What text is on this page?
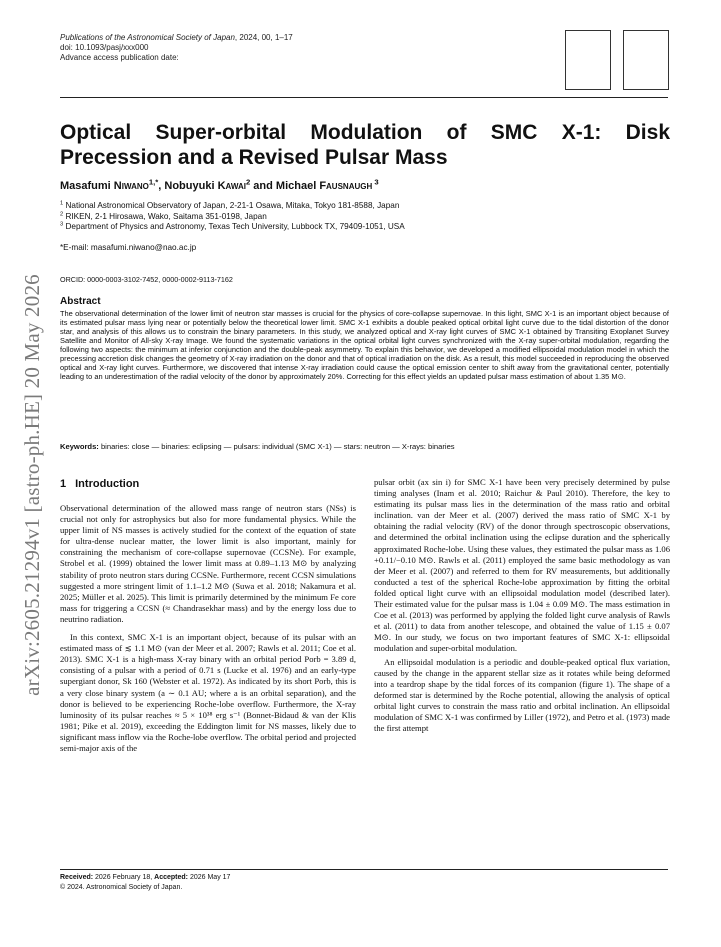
Publications of the Astronomical Society of Japan, 2024, 00, 1–17
doi: 10.1093/pasj/xxx000
Advance access publication date:
arXiv:2605.21294v1 [astro-ph.HE] 20 May 2026
Optical Super-orbital Modulation of SMC X-1: Disk
Precession and a Revised Pulsar Mass
Masafumi Niwano$^{1,*}$, Nobuyuki Kawai$^2$ and Michael Fausnaugh $^3$
$^1$ National Astronomical Observatory of Japan, 2-21-1 Osawa, Mitaka, Tokyo 181-8588, Japan
$^2$ RIKEN, 2-1 Hirosawa, Wako, Saitama 351-0198, Japan
$^3$ Department of Physics and Astronomy, Texas Tech University, Lubbock TX, 79409-1051, USA
*E-mail: masafumi.niwano@nao.ac.jp
ORCID: 0000-0003-3102-7452, 0000-0002-9113-7162
Abstract
The observational determination of the lower limit of neutron star masses is crucial for the physics of core-collapse supernovae. In this light, SMC X-1 is an important object because of its estimated pulsar mass lying near or potentially below the theoretical lower limit. SMC X-1 exhibits a double peaked optical orbital light curve due to the tidal distortion of the donor star, and analysis of this allows us to constrain the binary parameters. In this study, we analyzed optical and X-ray light curves of SMC X-1 obtained by Transiting Exoplanet Survey Satellite and Monitor of All-sky X-ray Image. We found the systematic variations in the optical orbital light curves synchronized with the X-ray super-orbital modulation, regarding the following two aspects: the minimum at inferior conjunction and the double-peak asymmetry. To explain this behavior, we developed a modified ellipsoidal modulation model in which the precessing accretion disk changes the geometry of X-ray irradiation on the donor and that of optical irradiation on the disk. As a result, this model succeeded in reproducing the observed optical and X-ray light curves. Furthermore, we discovered that intense X-ray irradiation could cause the optical emission center to shift away from the gravitational center, potentially leading to an underestimation of the radial velocity of the donor by approximately 20%. Correcting for this effect yields an updated pulsar mass estimation of about 1.35 M⊙.
Keywords: binaries: close — binaries: eclipsing — pulsars: individual (SMC X-1) — stars: neutron — X-rays: binaries
1 Introduction

Observational determination of the allowed mass range of neutron stars (NSs) is crucial not only for astrophysics but also for more fundamental physics. While the upper limit of NS masses is actively studied for the context of the equation of state for ultra-dense nuclear matter, the lower limit is also important, mainly for constraining the mechanism of core-collapse supernovae (CCSNe). For example, Strobel et al. (1999) obtained the lower limit mass at 0.89–1.13 M⊙ by analyzing stability of proto neutron stars during CCSNe. Furthermore, recent CCSN simulations suggested a more stringent limit of 1.1–1.2 M⊙ (Suwa et al. 2018; Nakamura et al. 2025; Müller et al. 2025). This limit is primarily determined by the minimum Fe core mass for triggering a CCSN (≈ Chandrasekhar mass) and by the energy loss due to neutrino radiation.

In this context, SMC X-1 is an important object, because of its pulsar with an estimated mass of ≲ 1.1 M⊙ (van der Meer et al. 2007; Rawls et al. 2011; Coe et al. 2013). SMC X-1 is a high-mass X-ray binary with an orbital period Porb = 3.89 d, consisting of a pulsar with a period of 0.71 s (Lucke et al. 1976) and an early-type supergiant donor, Sk 160 (Webster et al. 1972). As indicated by its short Porb, this is a very close binary system (a ∼ 0.1 AU; where a is an orbital separation), and the donor is believed to be experiencing Roche-lobe overflow. Furthermore, the X-ray luminosity of its pulsar reaches ≈ 5 × 10³⁸ erg s⁻¹ (Bonnet-Bidaud & van der Klis 1981; Pike et al. 2019), exceeding the Eddington limit for NS masses, likely due to significant mass inflow via the Roche-lobe overflow. The orbital period and projected semi-major axis of the

pulsar orbit (ax sin i) for SMC X-1 have been very precisely determined by pulse timing analyses (Inam et al. 2010; Raichur & Paul 2010). Therefore, the key to estimating its pulsar mass lies in the determination of the mass ratio and orbital inclination. van der Meer et al. (2007) derived the mass ratio of SMC X-1 by obtaining the radial velocity (RV) of the donor through spectroscopic observations, and determined the orbital inclination using the eclipse duration and the spherically approximated Roche-lobe. Using these values, they estimated the pulsar mass as 1.06 +0.11/−0.10 M⊙. Rawls et al. (2011) employed the same basic methodology as van der Meer et al. (2007) and referred to them for RV measurements, but additionally conducted a test of the spherical Roche-lobe approximation by fitting the orbital folded optical light curve with an ellipsoidal modulation model (described later). Their estimated value for the pulsar mass is 1.04 ± 0.09 M⊙. The mass estimation in Coe et al. (2013) was performed by applying the folded light curve analysis of Rawls et al. (2011) to data from another telescope, and obtained the value of 1.15 ± 0.07 M⊙. In our study, we focus on two important features of SMC X-1: ellipsoidal modulation and super-orbital modulation.

An ellipsoidal modulation is a periodic and double-peaked optical flux variation, caused by the change in the apparent stellar size as it rotates while being deformed into a teardrop shape by the tidal forces of its companion (figure 1). The shape of a deformed star is determined by the Roche potential, allowing the analysis of optical orbital light curves to constrain the mass ratio and orbital inclination. An ellipsoidal modulation of SMC X-1 was confirmed by Liller (1972), and Petro et al. (1973) made the first attempt

Received: 2026 February 18, Accepted: 2026 May 17
© 2024. Astronomical Society of Japan.
